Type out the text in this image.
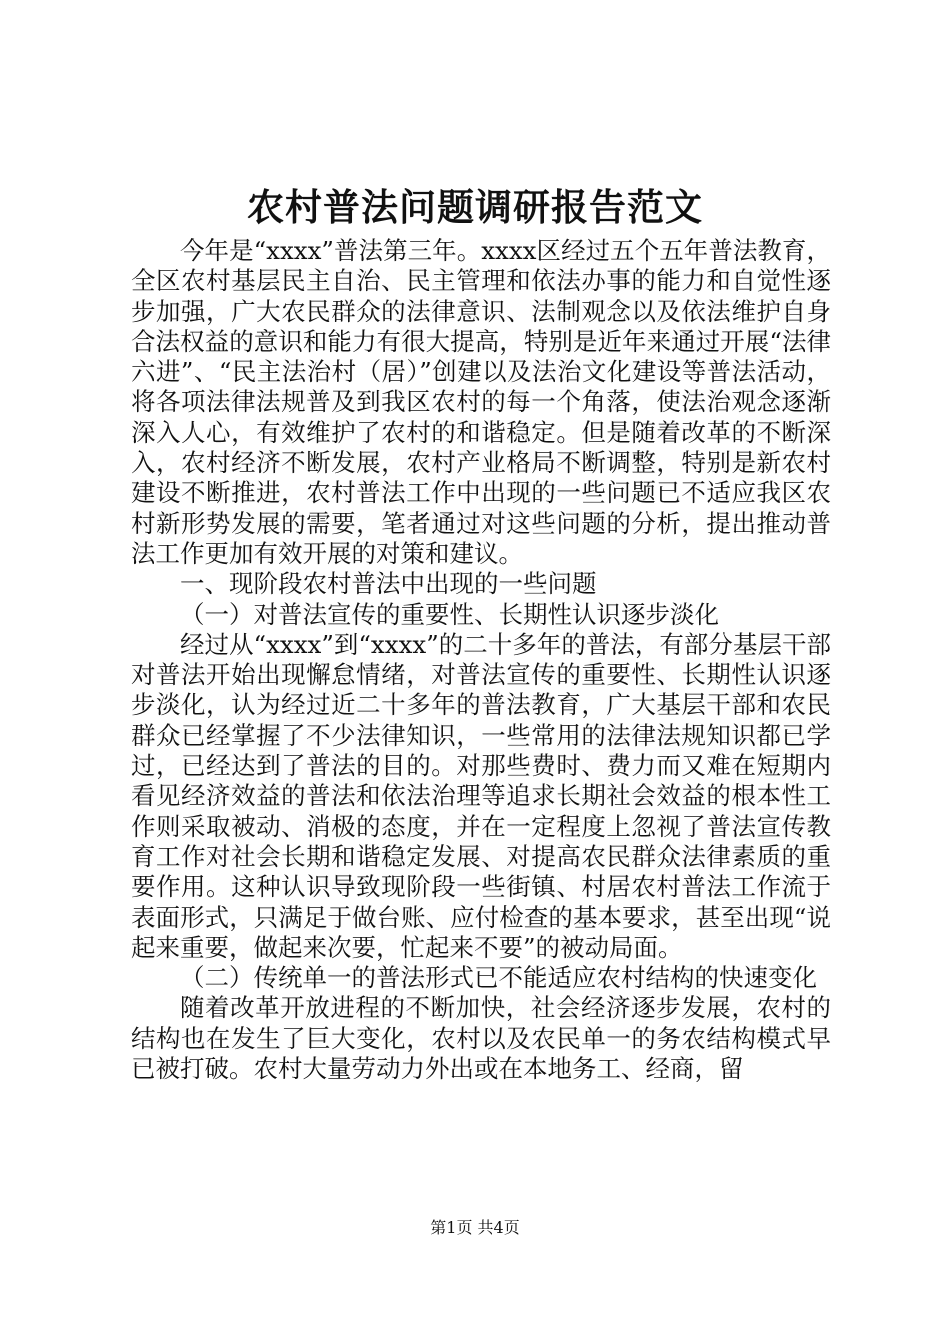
农村普法问题调研报告范文

今年是“xxxx”普法第三年。xxxx区经过五个五年普法教育，全区农村基层民主自治、民主管理和依法办事的能力和自觉性逐步加强，广大农民群众的法律意识、法制观念以及依法维护自身合法权益的意识和能力有很大提高，特别是近年来通过开展“法律六进”、“民主法治村（居）”创建以及法治文化建设等普法活动，将各项法律法规普及到我区农村的每一个角落，使法治观念逐渐深入人心，有效维护了农村的和谐稳定。但是随着改革的不断深入，农村经济不断发展，农村产业格局不断调整，特别是新农村建设不断推进，农村普法工作中出现的一些问题已不适应我区农村新形势发展的需要，笔者通过对这些问题的分析，提出推动普法工作更加有效开展的对策和建议。

一、现阶段农村普法中出现的一些问题

（一）对普法宣传的重要性、长期性认识逐步淡化

经过从“xxxx”到“xxxx”的二十多年的普法，有部分基层干部对普法开始出现懈怠情绪，对普法宣传的重要性、长期性认识逐步淡化，认为经过近二十多年的普法教育，广大基层干部和农民群众已经掌握了不少法律知识，一些常用的法律法规知识都已学过，已经达到了普法的目的。对那些费时、费力而又难在短期内看见经济效益的普法和依法治理等追求长期社会效益的根本性工作则采取被动、消极的态度，并在一定程度上忽视了普法宣传教育工作对社会长期和谐稳定发展、对提高农民群众法律素质的重要作用。这种认识导致现阶段一些街镇、村居农村普法工作流于表面形式，只满足于做台账、应付检查的基本要求，甚至出现“说起来重要，做起来次要，忙起来不要”的被动局面。

（二）传统单一的普法形式已不能适应农村结构的快速变化

随着改革开放进程的不断加快，社会经济逐步发展，农村的结构也在发生了巨大变化，农村以及农民单一的务农结构模式早已被打破。农村大量劳动力外出或在本地务工、经商，留

第1页 共4页
